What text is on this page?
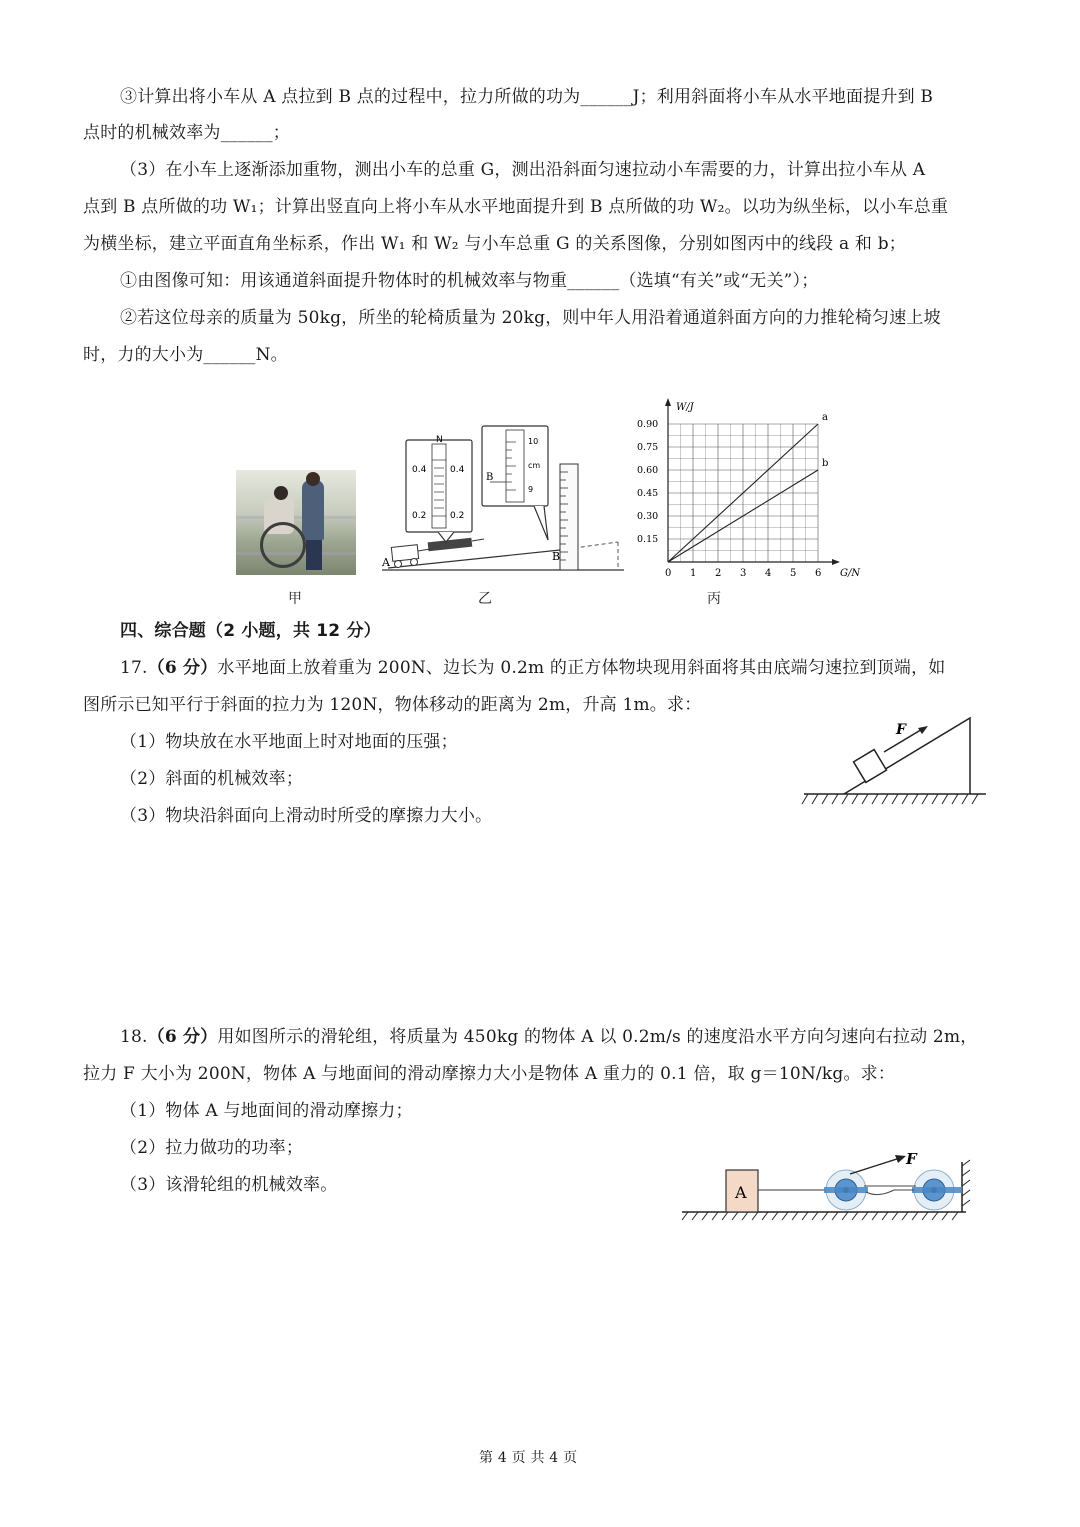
③计算出将小车从 A 点拉到 B 点的过程中，拉力所做的功为______J；利用斜面将小车从水平地面提升到 B
点时的机械效率为______；
（3）在小车上逐渐添加重物，测出小车的总重 G，测出沿斜面匀速拉动小车需要的力，计算出拉小车从 A
点到 B 点所做的功 W₁；计算出竖直向上将小车从水平地面提升到 B 点所做的功 W₂。以功为纵坐标，以小车总重
为横坐标，建立平面直角坐标系，作出 W₁ 和 W₂ 与小车总重 G 的关系图像，分别如图丙中的线段 a 和 b；
①由图像可知：用该通道斜面提升物体时的机械效率与物重______（选填“有关”或“无关”）；
②若这位母亲的质量为 50kg，所坐的轮椅质量为 20kg，则中年人用沿着通道斜面方向的力推轮椅匀速上坡
时，力的大小为______N。
甲
A	B
N
0.4	0.4
0.2	0.2
B
10
cm
9
乙
a
b
W/J
G/N
0 1 2 3 4 5 6
0.15
0.30
0.45
0.60
0.75
0.90
丙
四、综合题（2 小题，共 12 分）
17.（6 分）水平地面上放着重为 200N、边长为 0.2m 的正方体物块现用斜面将其由底端匀速拉到顶端，如
图所示已知平行于斜面的拉力为 120N，物体移动的距离为 2m，升高 1m。求：
（1）物块放在水平地面上时对地面的压强；
（2）斜面的机械效率；
（3）物块沿斜面向上滑动时所受的摩擦力大小。
F
18.（6 分）用如图所示的滑轮组，将质量为 450kg 的物体 A 以 0.2m/s 的速度沿水平方向匀速向右拉动 2m，
拉力 F 大小为 200N，物体 A 与地面间的滑动摩擦力大小是物体 A 重力的 0.1 倍，取 g＝10N/kg。求：
（1）物体 A 与地面间的滑动摩擦力；
（2）拉力做功的功率；
（3）该滑轮组的机械效率。	A
F
第 4 页 共 4 页
